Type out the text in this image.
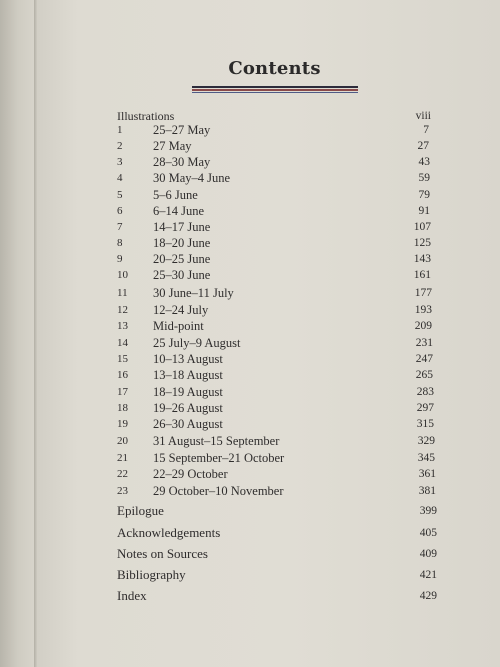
Contents
Illustrations	viii
1 25–27 May	7
2 27 May	27
3 28–30 May	43
4 30 May–4 June	59
5 5–6 June	79
6 6–14 June	91
7 14–17 June	107
8 18–20 June	125
9 20–25 June	143
10 25–30 June	161
11 30 June–11 July	177
12 12–24 July	193
13 Mid-point	209
14 25 July–9 August	231
15 10–13 August	247
16 13–18 August	265
17 18–19 August	283
18 19–26 August	297
19 26–30 August	315
20 31 August–15 September	329
21 15 September–21 October	345
22 22–29 October	361
23 29 October–10 November	381
Epilogue	399
Acknowledgements	405
Notes on Sources	409
Bibliography	421
Index	429
